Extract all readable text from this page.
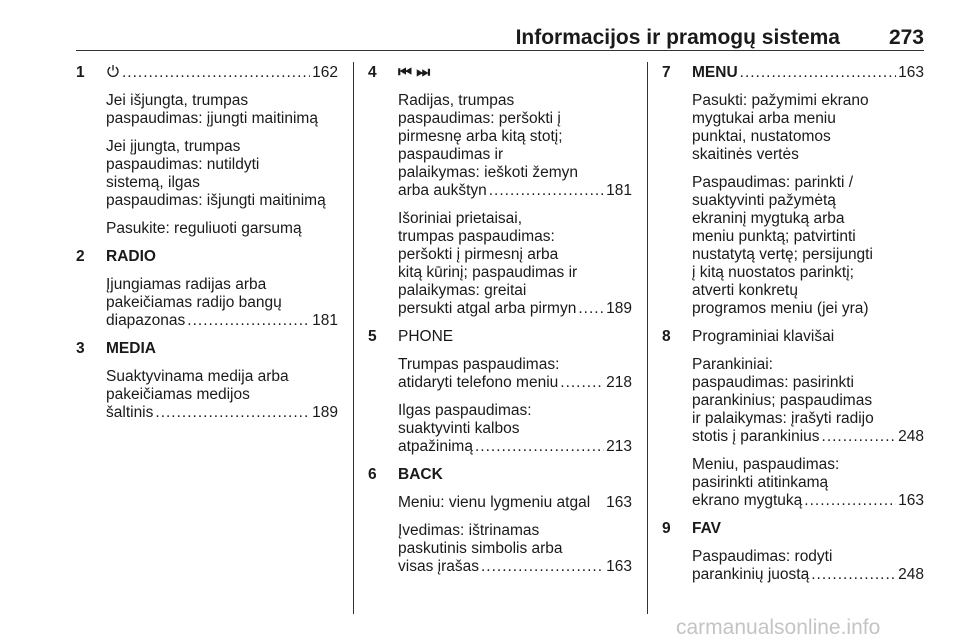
Informacijos ir pramogų sistema 273
1 .....	162
Jei išjungta, trumpas
paspaudimas: įjungti maitinimą
Jei įjungta, trumpas
paspaudimas: nutildyti
sistemą, ilgas
paspaudimas: išjungti maitinimą
Pasukite: reguliuoti garsumą
2 RADIO
Įjungiamas radijas arba
pakeičiamas radijo bangų
diapazonas .....	181
3 MEDIA
Suaktyvinama medija arba
pakeičiamas medijos
šaltinis .....	189
4 ⏮ ⏭
Radijas, trumpas
paspaudimas: peršokti į
pirmesnę arba kitą stotį;
paspaudimas ir
palaikymas: ieškoti žemyn
arba aukštyn .....	181
Išoriniai prietaisai,
trumpas paspaudimas:
peršokti į pirmesnį arba
kitą kūrinį; paspaudimas ir
palaikymas: greitai
persukti atgal arba pirmyn ..... 189
5 PHONE
Trumpas paspaudimas:
atidaryti telefono meniu .....	218
Ilgas paspaudimas:
suaktyvinti kalbos
atpažinimą .....	213
6 BACK
Meniu: vienu lygmeniu atgal 163
Įvedimas: ištrinamas
paskutinis simbolis arba
visas įrašas .....	163
7 MENU .....	163
Pasukti: pažymimi ekrano
mygtukai arba meniu
punktai, nustatomos
skaitinės vertės
Paspaudimas: parinkti /
suaktyvinti pažymėtą
ekraninį mygtuką arba
meniu punktą; patvirtinti
nustatytą vertę; persijungti
į kitą nuostatos parinktį;
atverti konkretų
programos meniu (jei yra)
8 Programiniai klavišai
Parankiniai:
paspaudimas: pasirinkti
parankinius; paspaudimas
ir palaikymas: įrašyti radijo
stotis į parankinius .....	248
Meniu, paspaudimas:
pasirinkti atitinkamą
ekrano mygtuką .....	163
9 FAV
Paspaudimas: rodyti
parankinių juostą .....	248
carmanualsonline.info
